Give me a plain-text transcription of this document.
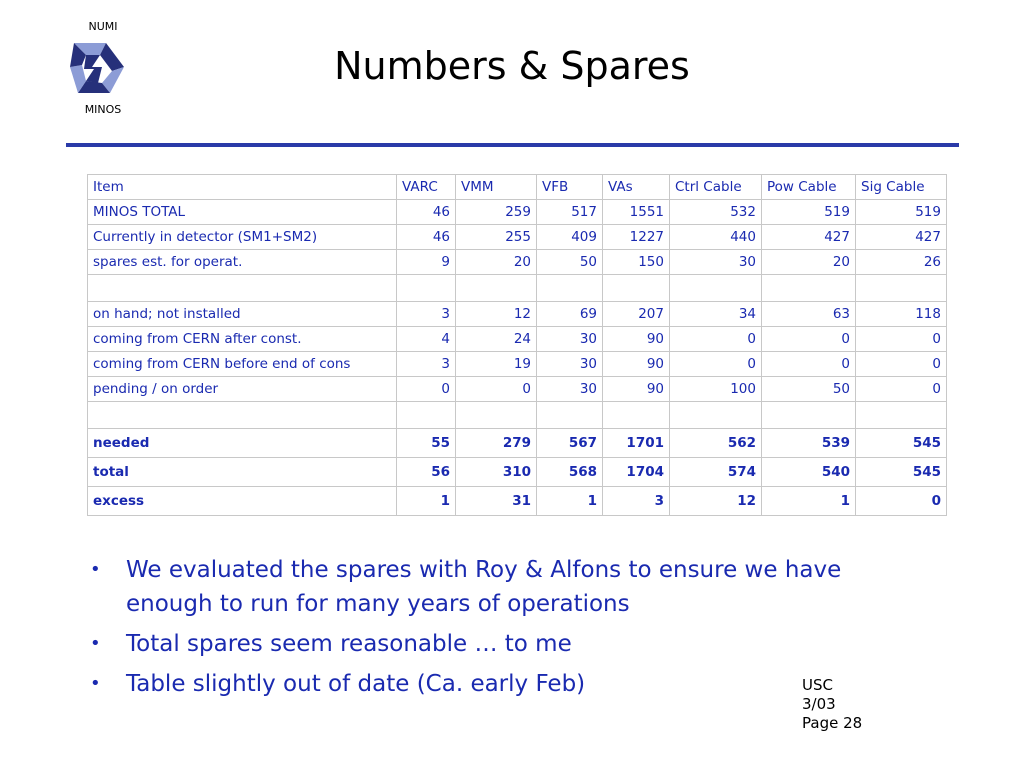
NUMI
MINOS
Numbers & Spares
Item	VARC	VMM	VFB	VAs	Ctrl Cable	Pow Cable	Sig Cable
MINOS TOTAL	46	259	517	1551	532	519	519
Currently in detector (SM1+SM2)	46	255	409	1227	440	427	427
spares est. for operat.	9	20	50	150	30	20	26

on hand; not installed	3	12	69	207	34	63	118
coming from CERN after const.	4	24	30	90	0	0	0
coming from CERN before end of cons	3	19	30	90	0	0	0
pending / on order	0	0	30	90	100	50	0

needed	55	279	567	1701	562	539	545
total	56	310	568	1704	574	540	545
excess	1	31	1	3	12	1	0
• We evaluated the spares with Roy & Alfons to ensure we have enough to run for many years of operations
• Total spares seem reasonable … to me
• Table slightly out of date (Ca. early Feb)	USC
3/03
Page 28
